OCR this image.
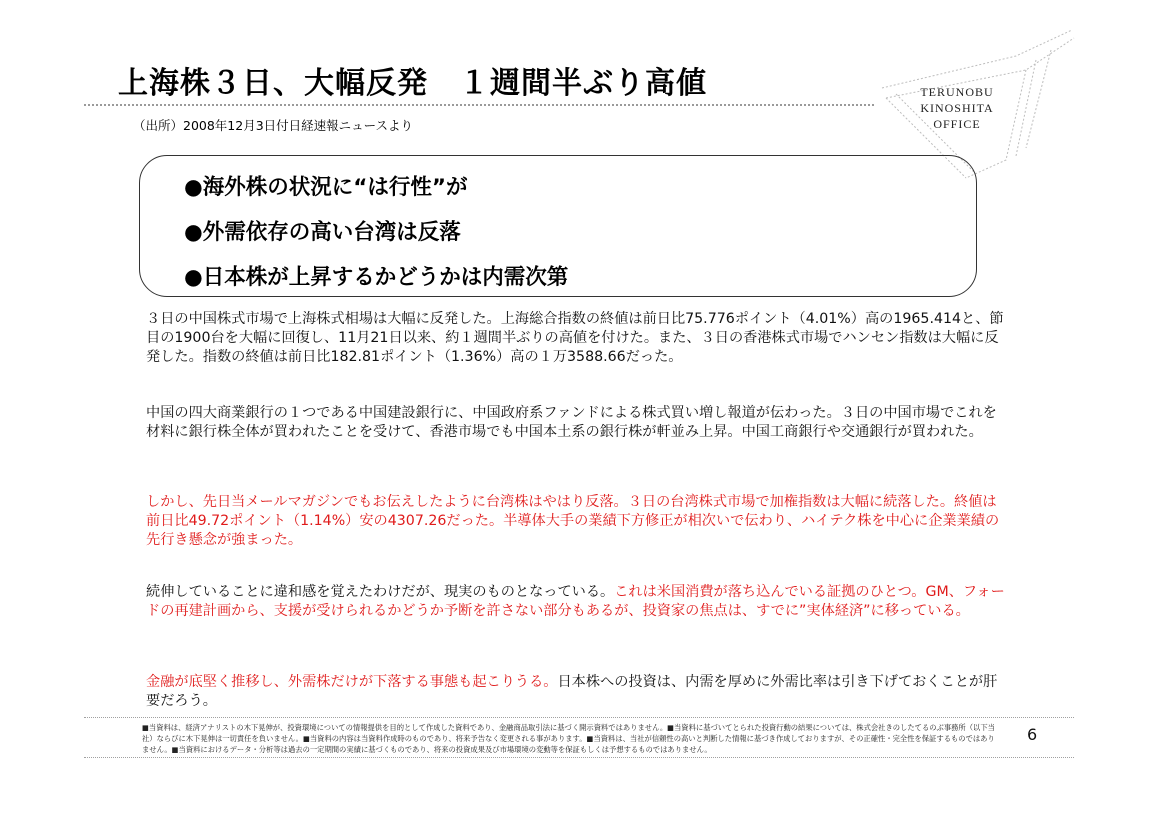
上海株３日、大幅反発　１週間半ぶり高値
（出所）2008年12月3日付日経速報ニュースより
TERUNOBU
KINOSHITA
OFFICE
●海外株の状況に“は行性”が
●外需依存の高い台湾は反落
●日本株が上昇するかどうかは内需次第
３日の中国株式市場で上海株式相場は大幅に反発した。上海総合指数の終値は前日比75.776ポイント（4.01%）高の1965.414と、節目の1900台を大幅に回復し、11月21日以来、約１週間半ぶりの高値を付けた。また、３日の香港株式市場でハンセン指数は大幅に反発した。指数の終値は前日比182.81ポイント（1.36%）高の１万3588.66だった。
中国の四大商業銀行の１つである中国建設銀行に、中国政府系ファンドによる株式買い増し報道が伝わった。３日の中国市場でこれを材料に銀行株全体が買われたことを受けて、香港市場でも中国本土系の銀行株が軒並み上昇。中国工商銀行や交通銀行が買われた。
しかし、先日当メールマガジンでもお伝えしたように台湾株はやはり反落。３日の台湾株式市場で加権指数は大幅に続落した。終値は前日比49.72ポイント（1.14%）安の4307.26だった。半導体大手の業績下方修正が相次いで伝わり、ハイテク株を中心に企業業績の先行き懸念が強まった。
続伸していることに違和感を覚えたわけだが、現実のものとなっている。これは米国消費が落ち込んでいる証拠のひとつ。GM、フォードの再建計画から、支援が受けられるかどうか予断を許さない部分もあるが、投資家の焦点は、すでに”実体経済”に移っている。
金融が底堅く推移し、外需株だけが下落する事態も起こりうる。日本株への投資は、内需を厚めに外需比率は引き下げておくことが肝要だろう。
■当資料は、経済アナリストの木下晃伸が、投資環境についての情報提供を目的として作成した資料であり、金融商品取引法に基づく開示資料ではありません。■当資料に基づいてとられた投資行動の結果については、株式会社きのしたてるのぶ事務所（以下当社）ならびに木下晃伸は一切責任を負いません。■当資料の内容は当資料作成時のものであり、将来予告なく変更される事があります。■当資料は、当社が信頼性の高いと判断した情報に基づき作成しておりますが、その正確性・完全性を保証するものではありません。■当資料におけるデータ・分析等は過去の一定期間の実績に基づくものであり、将来の投資成果及び市場環境の変動等を保証もしくは予想するものではありません。
6
